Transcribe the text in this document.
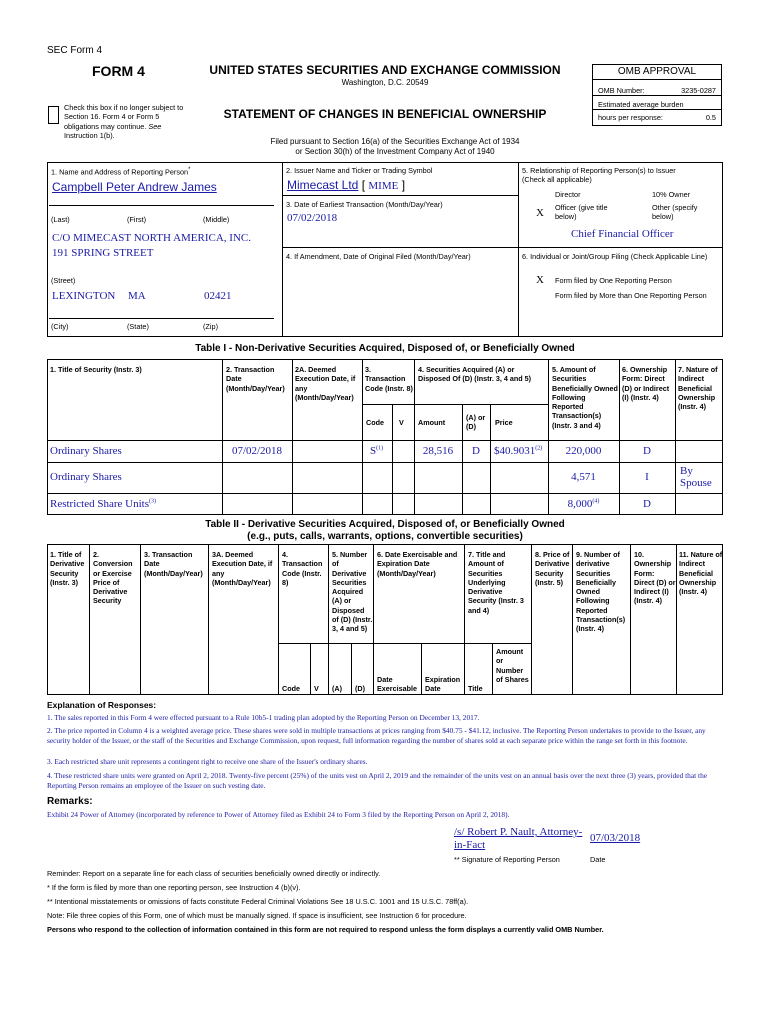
SEC Form 4
FORM 4	UNITED STATES SECURITIES AND EXCHANGE COMMISSION
Washington, D.C. 20549
Check this box if no longer subject to Section 16. Form 4 or Form 5 obligations may continue. See Instruction 1(b).
STATEMENT OF CHANGES IN BENEFICIAL OWNERSHIP
Filed pursuant to Section 16(a) of the Securities Exchange Act of 1934
or Section 30(h) of the Investment Company Act of 1940
OMB APPROVAL
OMB Number:	3235-0287
Estimated average burden
hours per response:	0.5
1. Name and Address of Reporting Person*
Campbell Peter Andrew James
(Last)	(First)	(Middle)
C/O MIMECAST NORTH AMERICA, INC.
191 SPRING STREET
(Street)
LEXINGTON MA	02421
(City)	(State)	(Zip)
2. Issuer Name and Ticker or Trading Symbol
Mimecast Ltd [ MIME ]
3. Date of Earliest Transaction (Month/Day/Year)
07/02/2018
4. If Amendment, Date of Original Filed (Month/Day/Year)
5. Relationship of Reporting Person(s) to Issuer
(Check all applicable)
Director	10% Owner
X Officer (give title below)
Other (specify below)
Chief Financial Officer
6. Individual or Joint/Group Filing (Check Applicable Line)
X Form filed by One Reporting Person
Form filed by More than One Reporting Person
Table I - Non-Derivative Securities Acquired, Disposed of, or Beneficially Owned
1. Title of Security (Instr. 3)	2. Transaction Date (Month/Day/Year)
2A. Deemed Execution Date, if any (Month/Day/Year)
3. Transaction Code (Instr. 8)
4. Securities Acquired (A) or Disposed Of (D) (Instr. 3, 4 and 5)
5. Amount of Securities Beneficially Owned Following Reported Transaction(s) (Instr. 3 and 4)
6. Ownership Form: Direct (D) or Indirect (I) (Instr. 4)
7. Nature of Indirect Beneficial Ownership (Instr. 4)
Code V Amount
(A) or (D)	Price
Ordinary Shares	07/02/2018	$S^{(1)}$	28,516	D	$40.9031$^{(2)}$	220,000	D
Ordinary Shares	4,571	I	By Spouse
Restricted Share Units$^{(3)}$	8,000$^{(4)}$	D
Table II - Derivative Securities Acquired, Disposed of, or Beneficially Owned
(e.g., puts, calls, warrants, options, convertible securities)
1. Title of Derivative Security (Instr. 3)
2. Conversion or Exercise Price of Derivative Security
3. Transaction Date (Month/Day/Year)
3A. Deemed Execution Date, if any (Month/Day/Year)
4. Transaction Code (Instr. 8)
5. Number of Derivative Securities Acquired (A) or Disposed of (D) (Instr. 3, 4 and 5)
6. Date Exercisable and Expiration Date (Month/Day/Year)
7. Title and Amount of Securities Underlying Derivative Security (Instr. 3 and 4)
8. Price of Derivative Security (Instr. 5)
9. Number of derivative Securities Beneficially Owned Following Reported Transaction(s) (Instr. 4)
10. Ownership Form: Direct (D) or Indirect (I) (Instr. 4)
11. Nature of Indirect Beneficial Ownership (Instr. 4)
Code V (A) (D)
Date Exercisable
Expiration Date	Title
Amount or Number of Shares
Explanation of Responses:
1. The sales reported in this Form 4 were effected pursuant to a Rule 10b5-1 trading plan adopted by the Reporting Person on December 13, 2017.
2. The price reported in Column 4 is a weighted average price. These shares were sold in multiple transactions at prices ranging from $40.75 - $41.12, inclusive. The Reporting Person undertakes to provide to the Issuer, any security holder of the Issuer, or the staff of the Securities and Exchange Commission, upon request, full information regarding the number of shares sold at each separate price within the range set forth in this footnote.
3. Each restricted share unit represents a contingent right to receive one share of the Issuer's ordinary shares.
4. These restricted share units were granted on April 2, 2018. Twenty-five percent (25%) of the units vest on April 2, 2019 and the remainder of the units vest on an annual basis over the next three (3) years, provided that the Reporting Person remains an employee of the Issuer on such vesting date.
Remarks:
Exhibit 24 Power of Attorney (incorporated by reference to Power of Attorney filed as Exhibit 24 to Form 3 filed by the Reporting Person on April 2, 2018).
/s/ Robert P. Nault, Attorney-
in-Fact
07/03/2018
** Signature of Reporting Person	Date
Reminder: Report on a separate line for each class of securities beneficially owned directly or indirectly.
* If the form is filed by more than one reporting person, see Instruction 4 (b)(v).
** Intentional misstatements or omissions of facts constitute Federal Criminal Violations See 18 U.S.C. 1001 and 15 U.S.C. 78ff(a).
Note: File three copies of this Form, one of which must be manually signed. If space is insufficient, see Instruction 6 for procedure.
Persons who respond to the collection of information contained in this form are not required to respond unless the form displays a currently valid OMB Number.
